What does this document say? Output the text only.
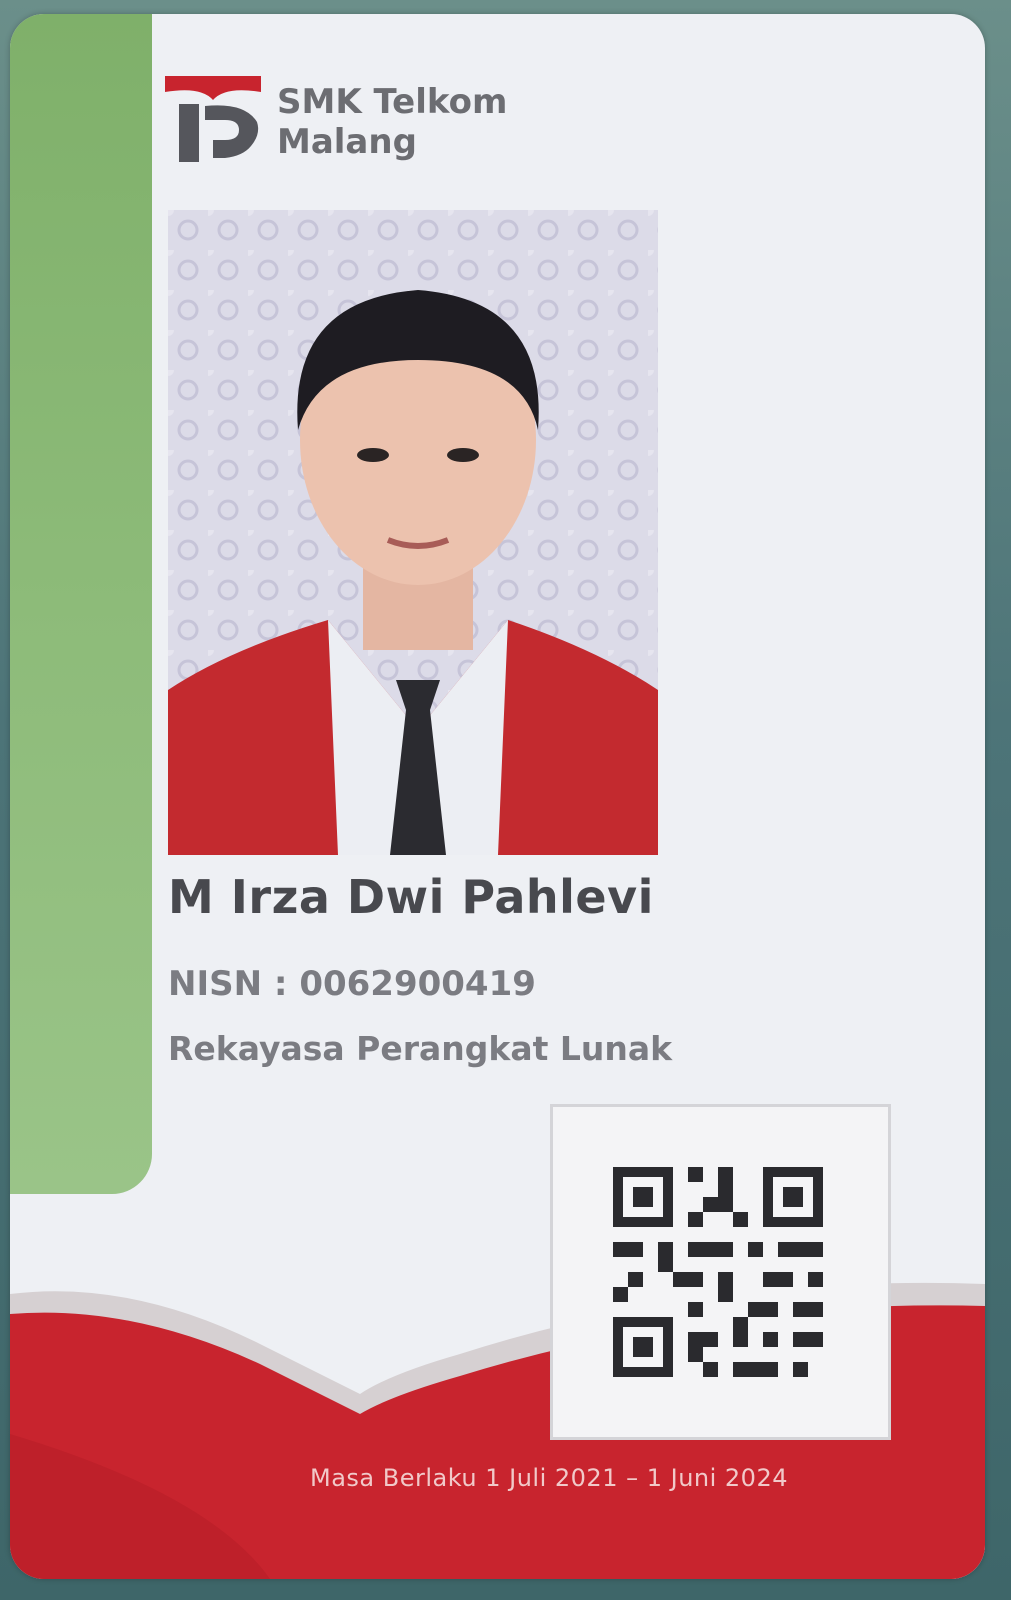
SMK Telkom
Malang
M Irza Dwi Pahlevi
NISN : 0062900419
Rekayasa Perangkat Lunak
Masa Berlaku 1 Juli 2021 – 1 Juni 2024
